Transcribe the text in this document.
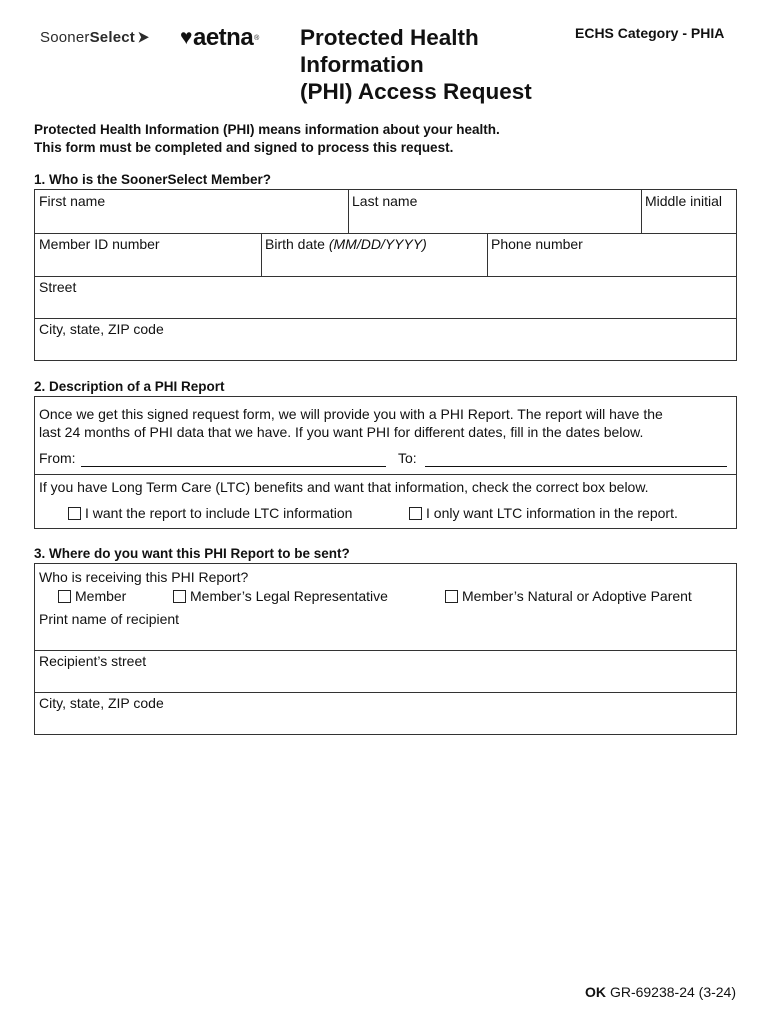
SoonerSelect ➤ ♥ aetna ® Protected Health
Information
(PHI) Access Request
ECHS Category - PHIA
Protected Health Information (PHI) means information about your health.
This form must be completed and signed to process this request.
1. Who is the SoonerSelect Member?
First name	Last name	Middle initial
Member ID number	Birth date (MM/DD/YYYY)	Phone number
Street
City, state, ZIP code
2. Description of a PHI Report
Once we get this signed request form, we will provide you with a PHI Report. The report will have the
last 24 months of PHI data that we have. If you want PHI for different dates, fill in the dates below.
From:	To:
If you have Long Term Care (LTC) benefits and want that information, check the correct box below.
I want the report to include LTC information	I only want LTC information in the report.
3. Where do you want this PHI Report to be sent?
Who is receiving this PHI Report?
Member	Member’s Legal Representative	Member’s Natural or Adoptive Parent
Print name of recipient
Recipient’s street
City, state, ZIP code
OK GR-69238-24 (3-24)
